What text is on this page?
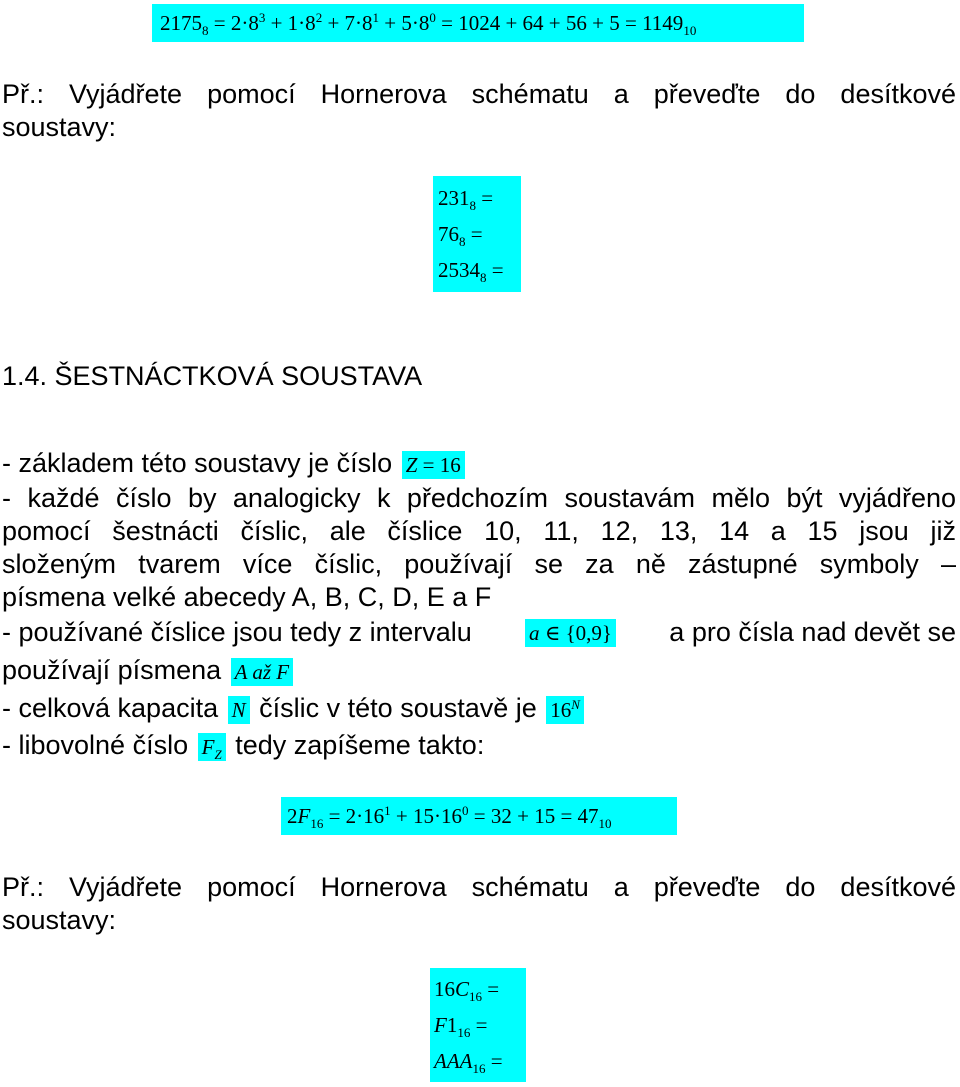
$2175_8 = 2\cdot 8^3 + 1\cdot 8^2 + 7\cdot 8^1 + 5\cdot 8^0 = 1024 + 64 + 56 + 5 = 1149_{10}$
Př.: Vyjádřete pomocí Hornerova schématu a převeďte do desítkové
soustavy:
$231_8$ =
$76_8$ =
$2534_8$ =
1.4. ŠESTNÁCTKOVÁ SOUSTAVA
- základem této soustavy je číslo Z = 16
- každé číslo by analogicky k předchozím soustavám mělo být vyjádřeno
pomocí šestnácti číslic, ale číslice 10, 11, 12, 13, 14 a 15 jsou již
složeným tvarem více číslic, používají se za ně zástupné symboly –
písmena velké abecedy A, B, C, D, E a F
- používané číslice jsou tedy z intervalu	a ∈ {0,9} a pro čísla nad devět se
používají písmena A až F
- celková kapacita N číslic v této soustavě je $16^N$
- libovolné číslo $F_Z$ tedy zapíšeme takto:
$2F_{16} = 2\cdot 16^1 + 15\cdot 16^0 = 32 + 15 = 47_{10}$
Př.: Vyjádřete pomocí Hornerova schématu a převeďte do desítkové
soustavy:
$16C_{16}$ =
$F1_{16}$ =
$AAA_{16}$ =
